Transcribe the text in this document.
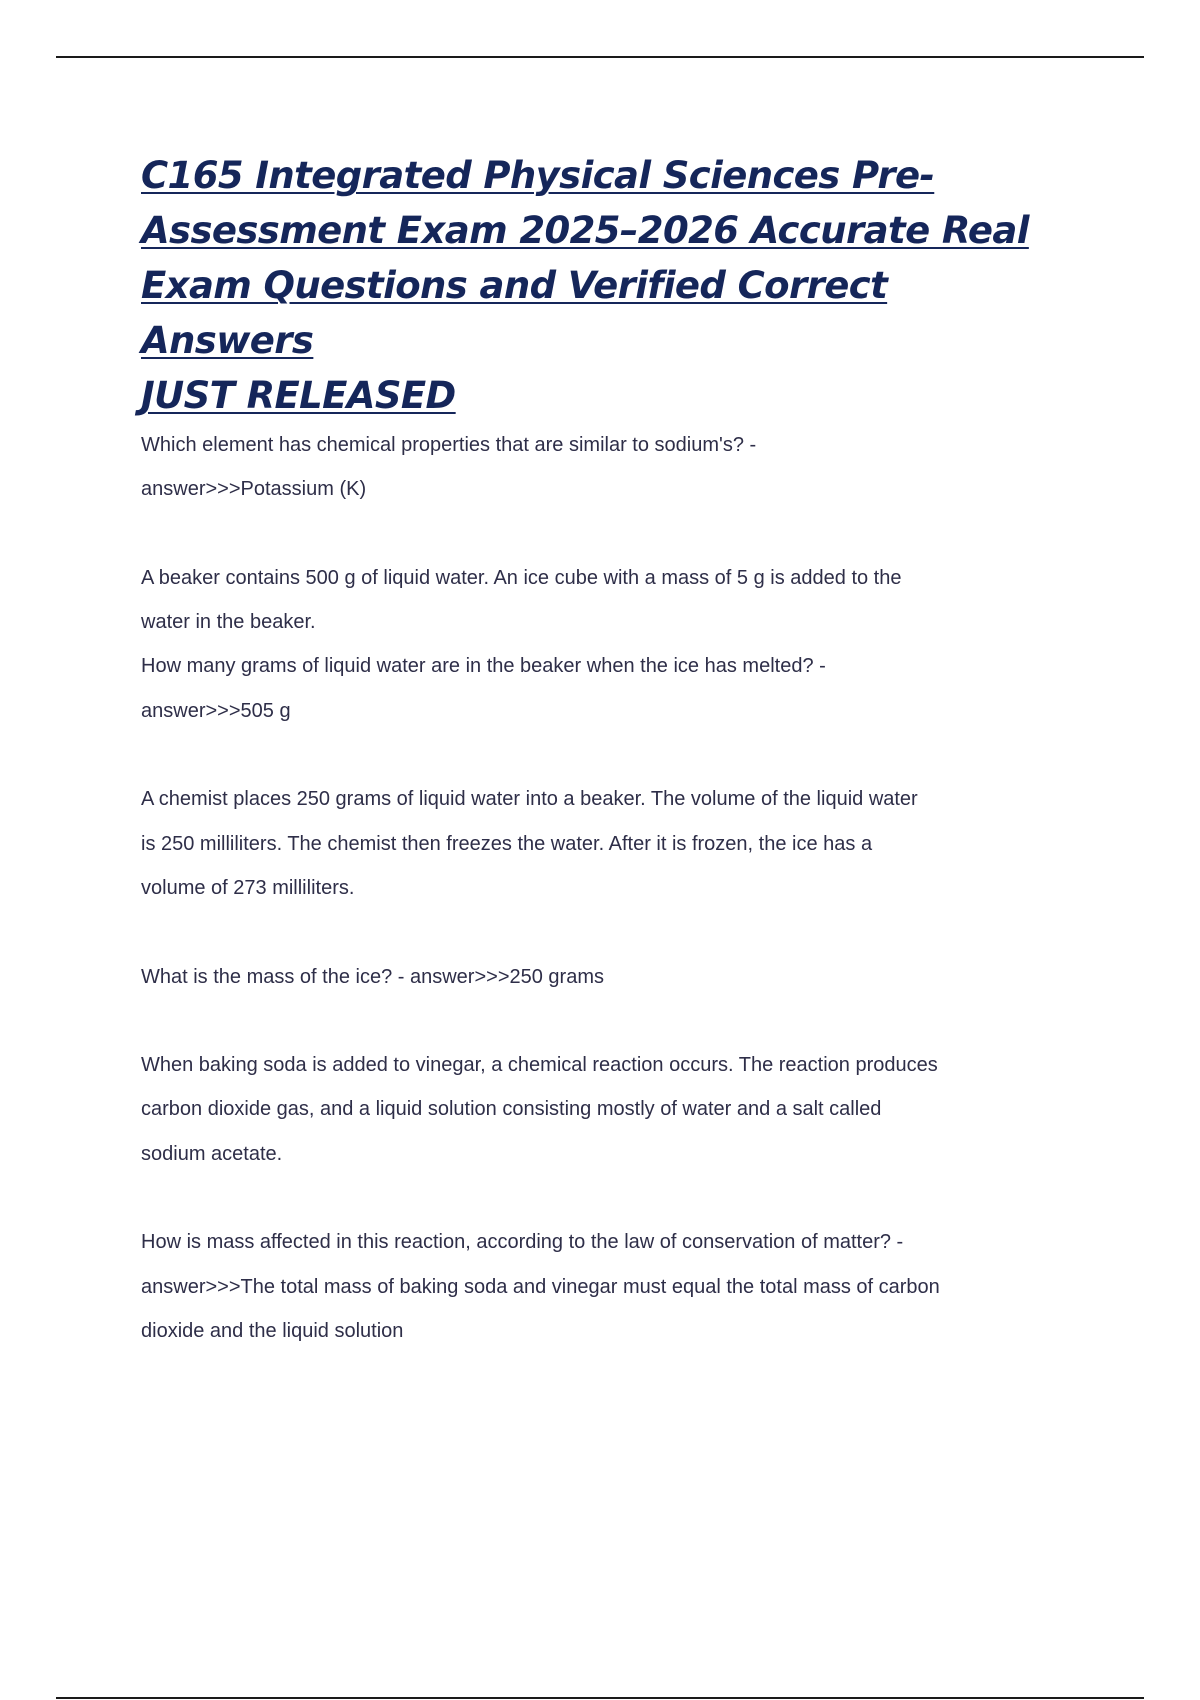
C165 Integrated Physical Sciences Pre-
Assessment Exam 2025–2026 Accurate Real
Exam Questions and Verified Correct Answers
JUST RELEASED
Which element has chemical properties that are similar to sodium's? -
answer>>>Potassium (K)
A beaker contains 500 g of liquid water. An ice cube with a mass of 5 g is added to the
water in the beaker.
How many grams of liquid water are in the beaker when the ice has melted? -
answer>>>505 g
A chemist places 250 grams of liquid water into a beaker. The volume of the liquid water
is 250 milliliters. The chemist then freezes the water. After it is frozen, the ice has a
volume of 273 milliliters.
What is the mass of the ice? - answer>>>250 grams
When baking soda is added to vinegar, a chemical reaction occurs. The reaction produces
carbon dioxide gas, and a liquid solution consisting mostly of water and a salt called
sodium acetate.
How is mass affected in this reaction, according to the law of conservation of matter? -
answer>>>The total mass of baking soda and vinegar must equal the total mass of carbon
dioxide and the liquid solution
